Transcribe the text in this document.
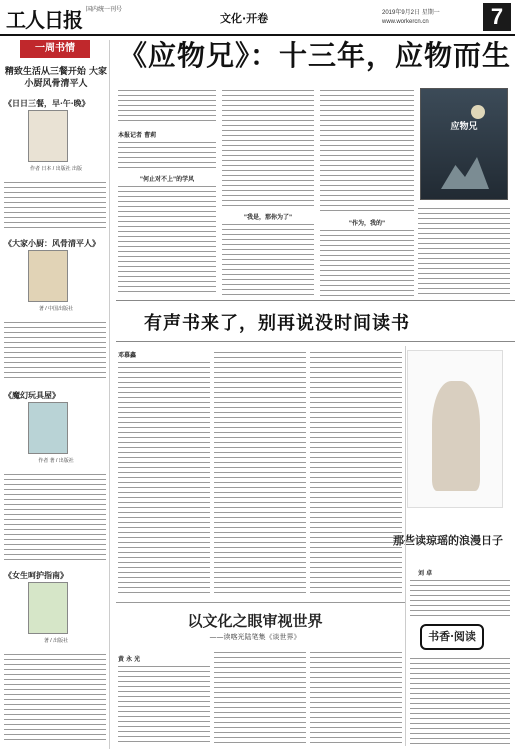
工人日报 国内统一刊号
文化·开卷	2019年9月2日 星期一
www.workercn.cn	7
一周书情
精致生活从三餐开始 大家小厨风骨清平人
《日日三餐，早·午·晚》
作者 日本 / 出版社 出版
《大家小厨：风骨清平人》
著 / 中国出版社
《魔幻玩具屋》
作者 著 / 出版社
《女生呵护指南》
著 / 出版社
《应物兄》：十三年，应物而生
本报记者 曹莉
"何止对不上"的学风
"我是，那你为了"
"作为，我的"
应物兄
有声书来了，别再说没时间读书
邓慕鑫
那些读琼瑶的浪漫日子
刘 卓
书香·阅读
以文化之眼审视世界
——读喀光陆笔集《谈世界》
黄 永 光
